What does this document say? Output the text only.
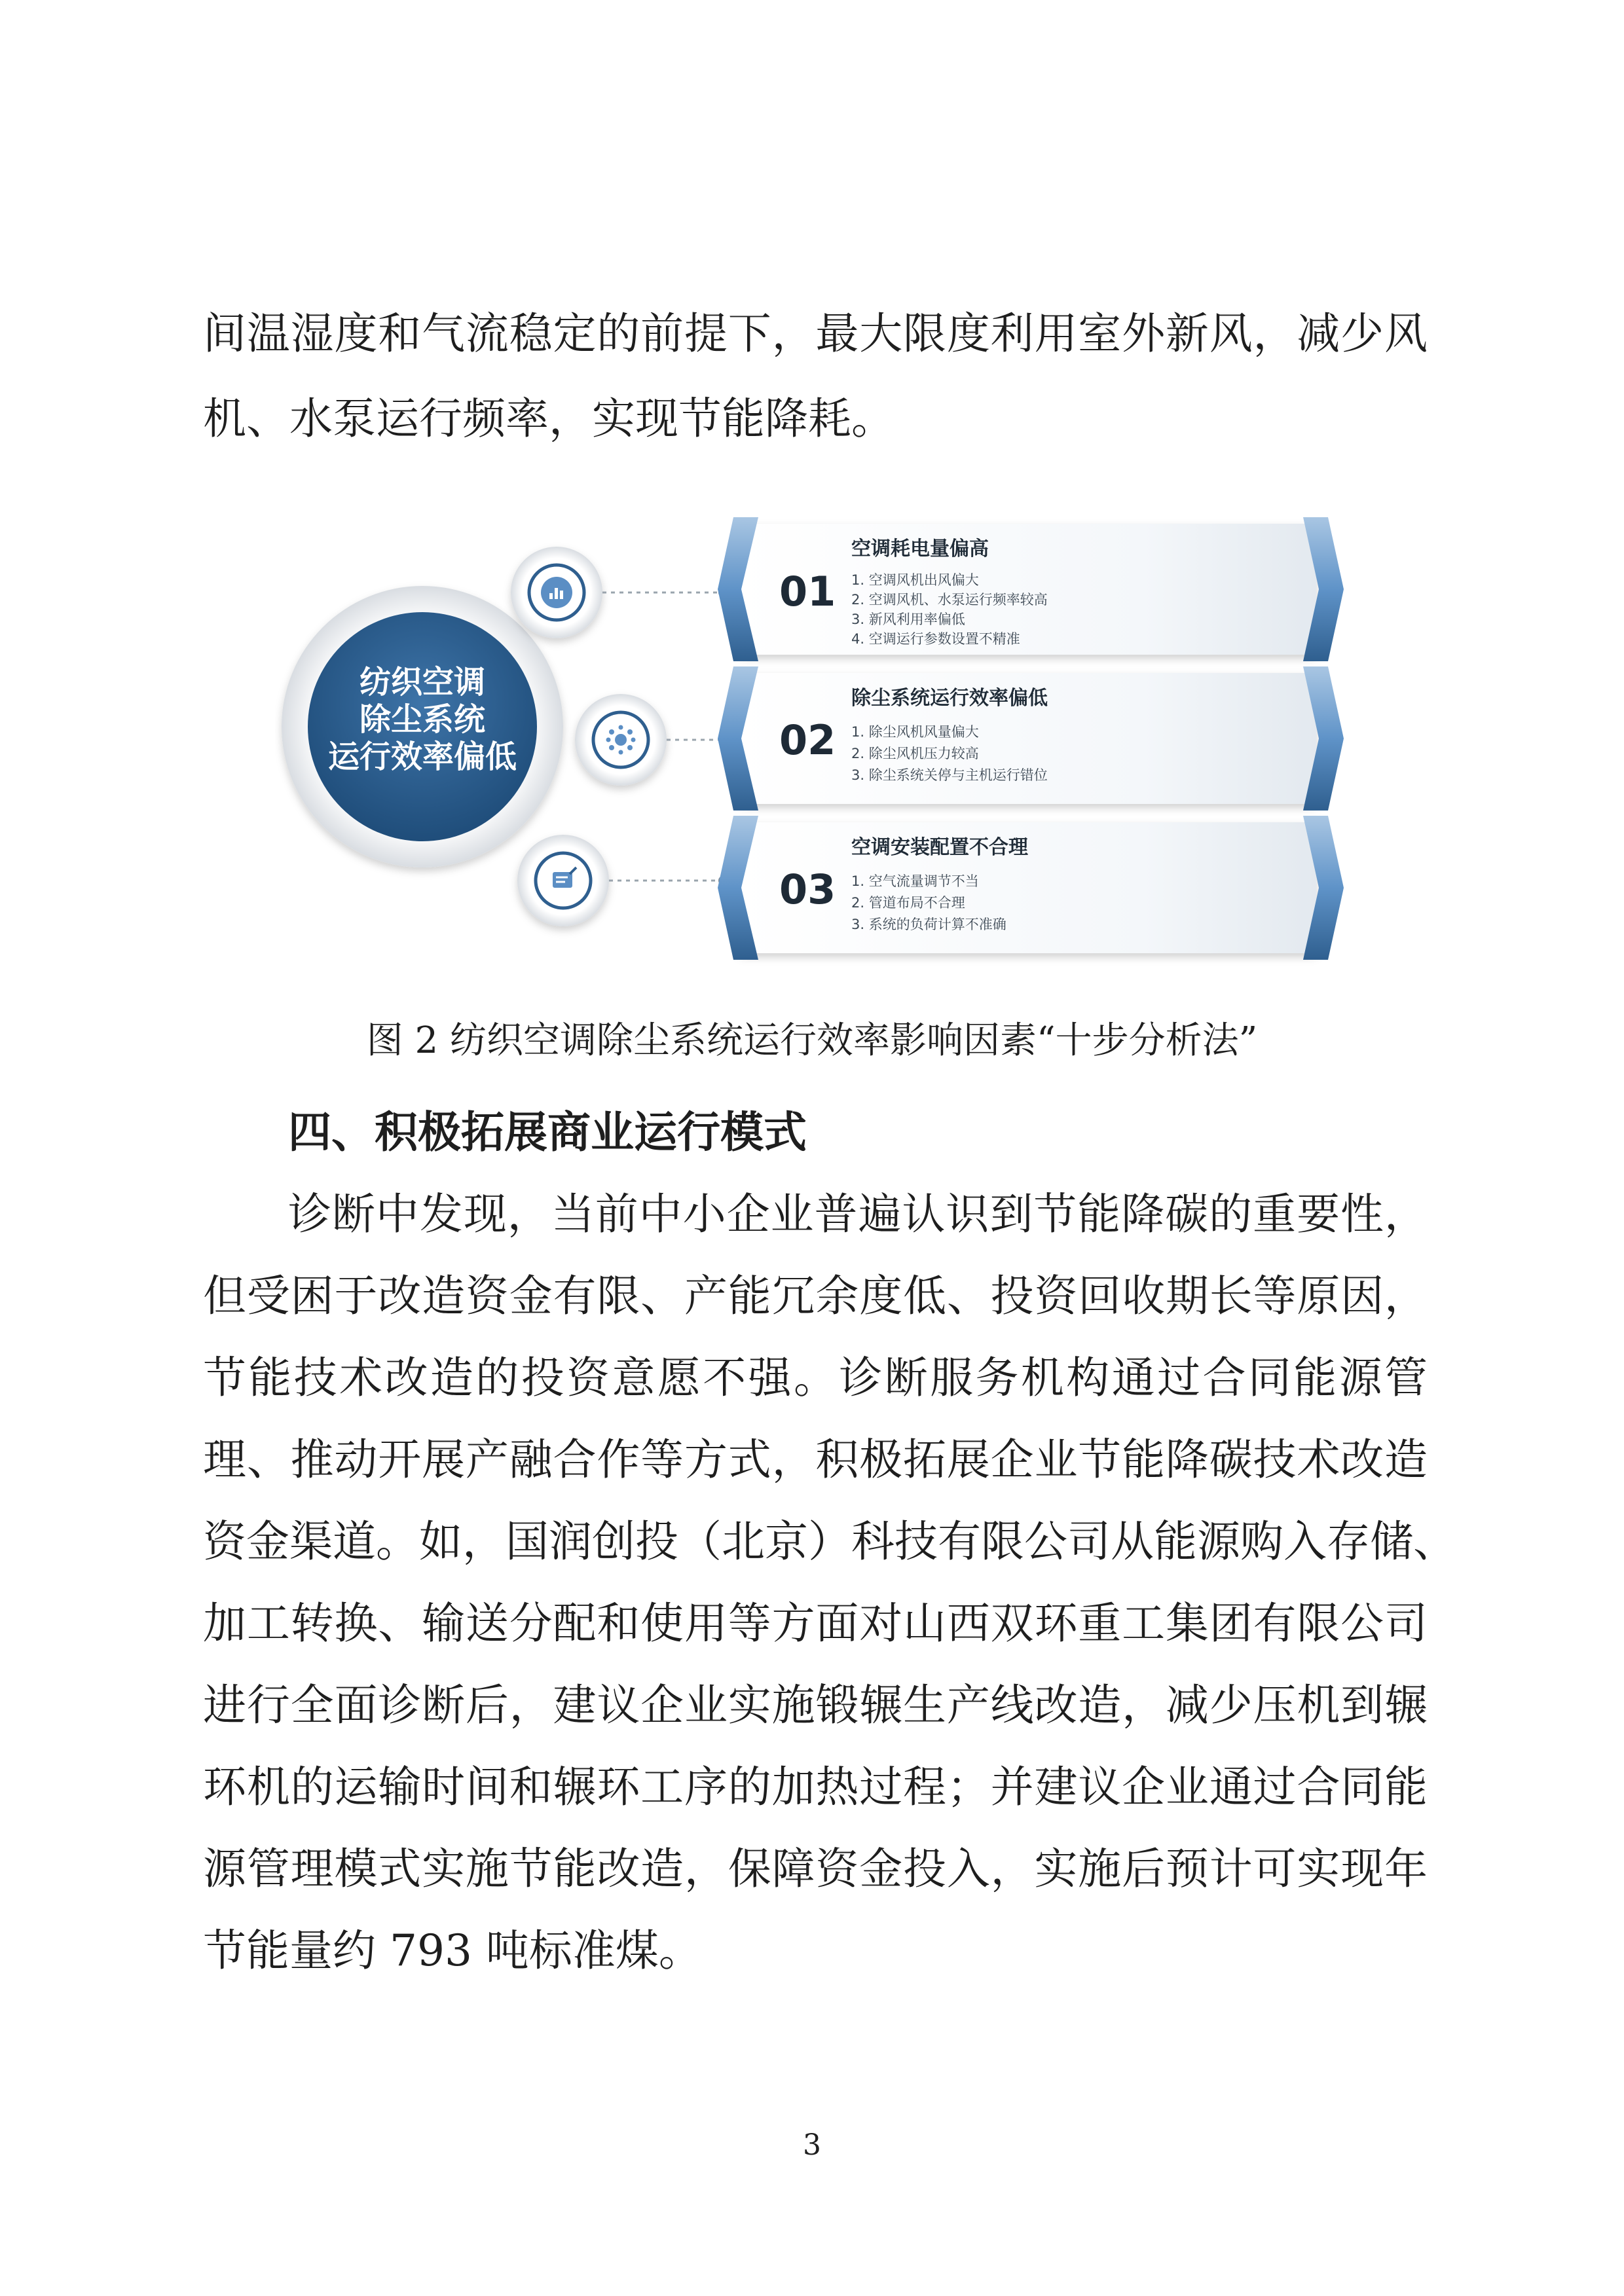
间温湿度和气流稳定的前提下，最大限度利用室外新风，减少风
机、水泵运行频率，实现节能降耗。
纺织空调
除尘系统
运行效率偏低
01
空调耗电量偏高
1. 空调风机出风偏大
2. 空调风机、水泵运行频率较高
3. 新风利用率偏低
4. 空调运行参数设置不精准
02
除尘系统运行效率偏低
1. 除尘风机风量偏大
2. 除尘风机压力较高
3. 除尘系统关停与主机运行错位
03
空调安装配置不合理
1. 空气流量调节不当
2. 管道布局不合理
3. 系统的负荷计算不准确
图 2 纺织空调除尘系统运行效率影响因素“十步分析法”
四、积极拓展商业运行模式
诊断中发现，当前中小企业普遍认识到节能降碳的重要性，
但受困于改造资金有限、产能冗余度低、投资回收期长等原因，
节能技术改造的投资意愿不强。诊断服务机构通过合同能源管
理、推动开展产融合作等方式，积极拓展企业节能降碳技术改造
资金渠道。如，国润创投（北京）科技有限公司从能源购入存储、
加工转换、输送分配和使用等方面对山西双环重工集团有限公司
进行全面诊断后，建议企业实施锻辗生产线改造，减少压机到辗
环机的运输时间和辗环工序的加热过程；并建议企业通过合同能
源管理模式实施节能改造，保障资金投入，实施后预计可实现年
节能量约 793 吨标准煤。
3
